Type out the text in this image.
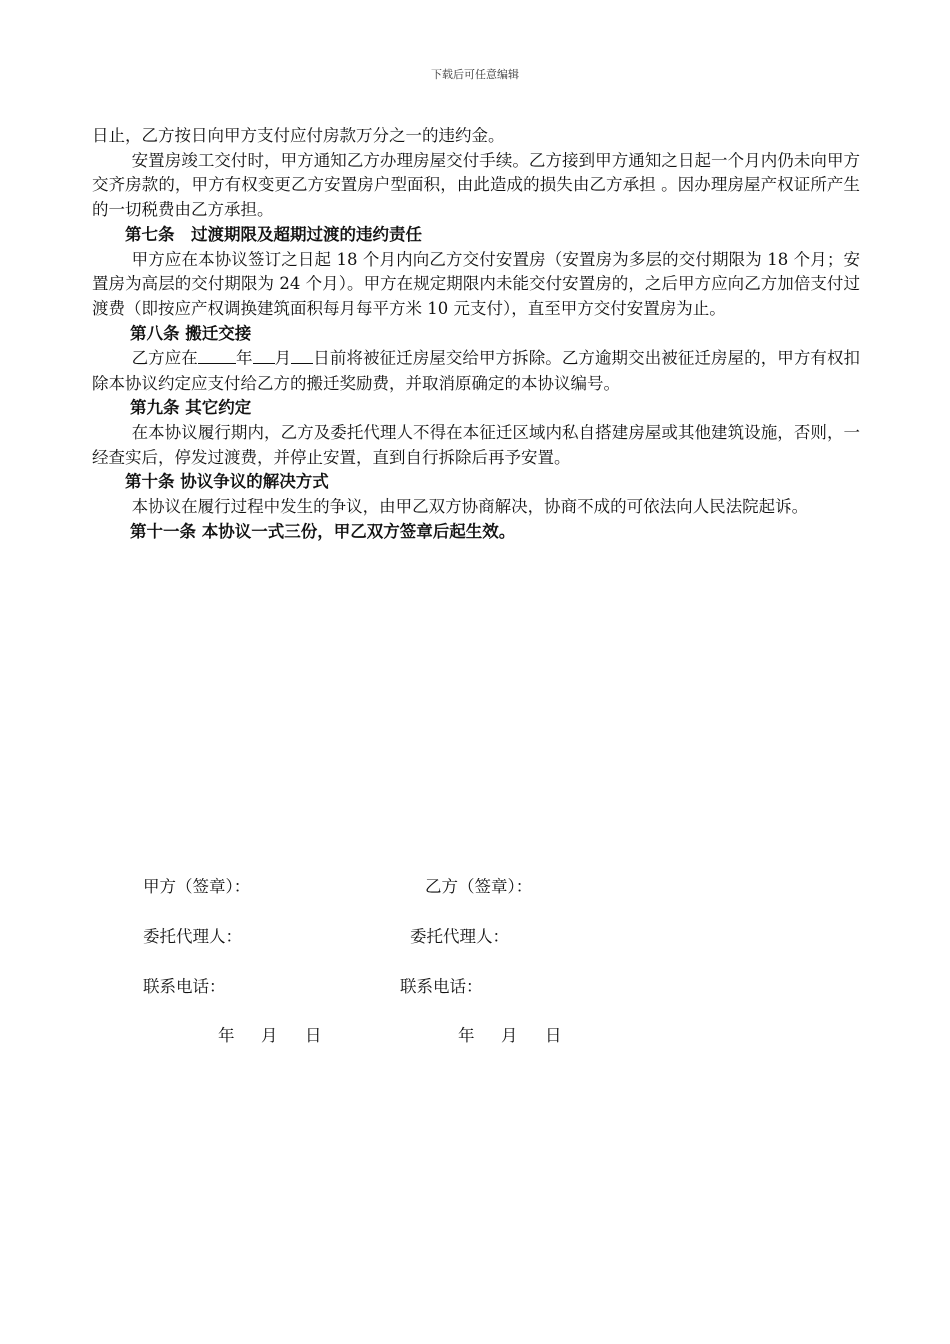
下载后可任意编辑

日止，乙方按日向甲方支付应付房款万分之一的违约金。

安置房竣工交付时，甲方通知乙方办理房屋交付手续。乙方接到甲方通知之日起一个月内仍未向甲方交齐房款的，甲方有权变更乙方安置房户型面积，由此造成的损失由乙方承担 。因办理房屋产权证所产生的一切税费由乙方承担。

第七条　过渡期限及超期过渡的违约责任

甲方应在本协议签订之日起 18 个月内向乙方交付安置房（安置房为多层的交付期限为 18 个月；安置房为高层的交付期限为 24 个月）。甲方在规定期限内未能交付安置房的，之后甲方应向乙方加倍支付过渡费（即按应产权调换建筑面积每月每平方米 10 元支付），直至甲方交付安置房为止。

第八条 搬迁交接

乙方应在 年 月 日前将被征迁房屋交给甲方拆除。乙方逾期交出被征迁房屋的，甲方有权扣除本协议约定应支付给乙方的搬迁奖励费，并取消原确定的本协议编号。

第九条 其它约定

在本协议履行期内，乙方及委托代理人不得在本征迁区域内私自搭建房屋或其他建筑设施，否则，一经查实后，停发过渡费，并停止安置，直到自行拆除后再予安置。

第十条 协议争议的解决方式

本协议在履行过程中发生的争议，由甲乙双方协商解决，协商不成的可依法向人民法院起诉。

第十一条 本协议一式三份，甲乙双方签章后起生效。

甲方（签章）：	乙方（签章）：
委托代理人：	委托代理人：
联系电话：	联系电话：
年 月 日	年 月 日
